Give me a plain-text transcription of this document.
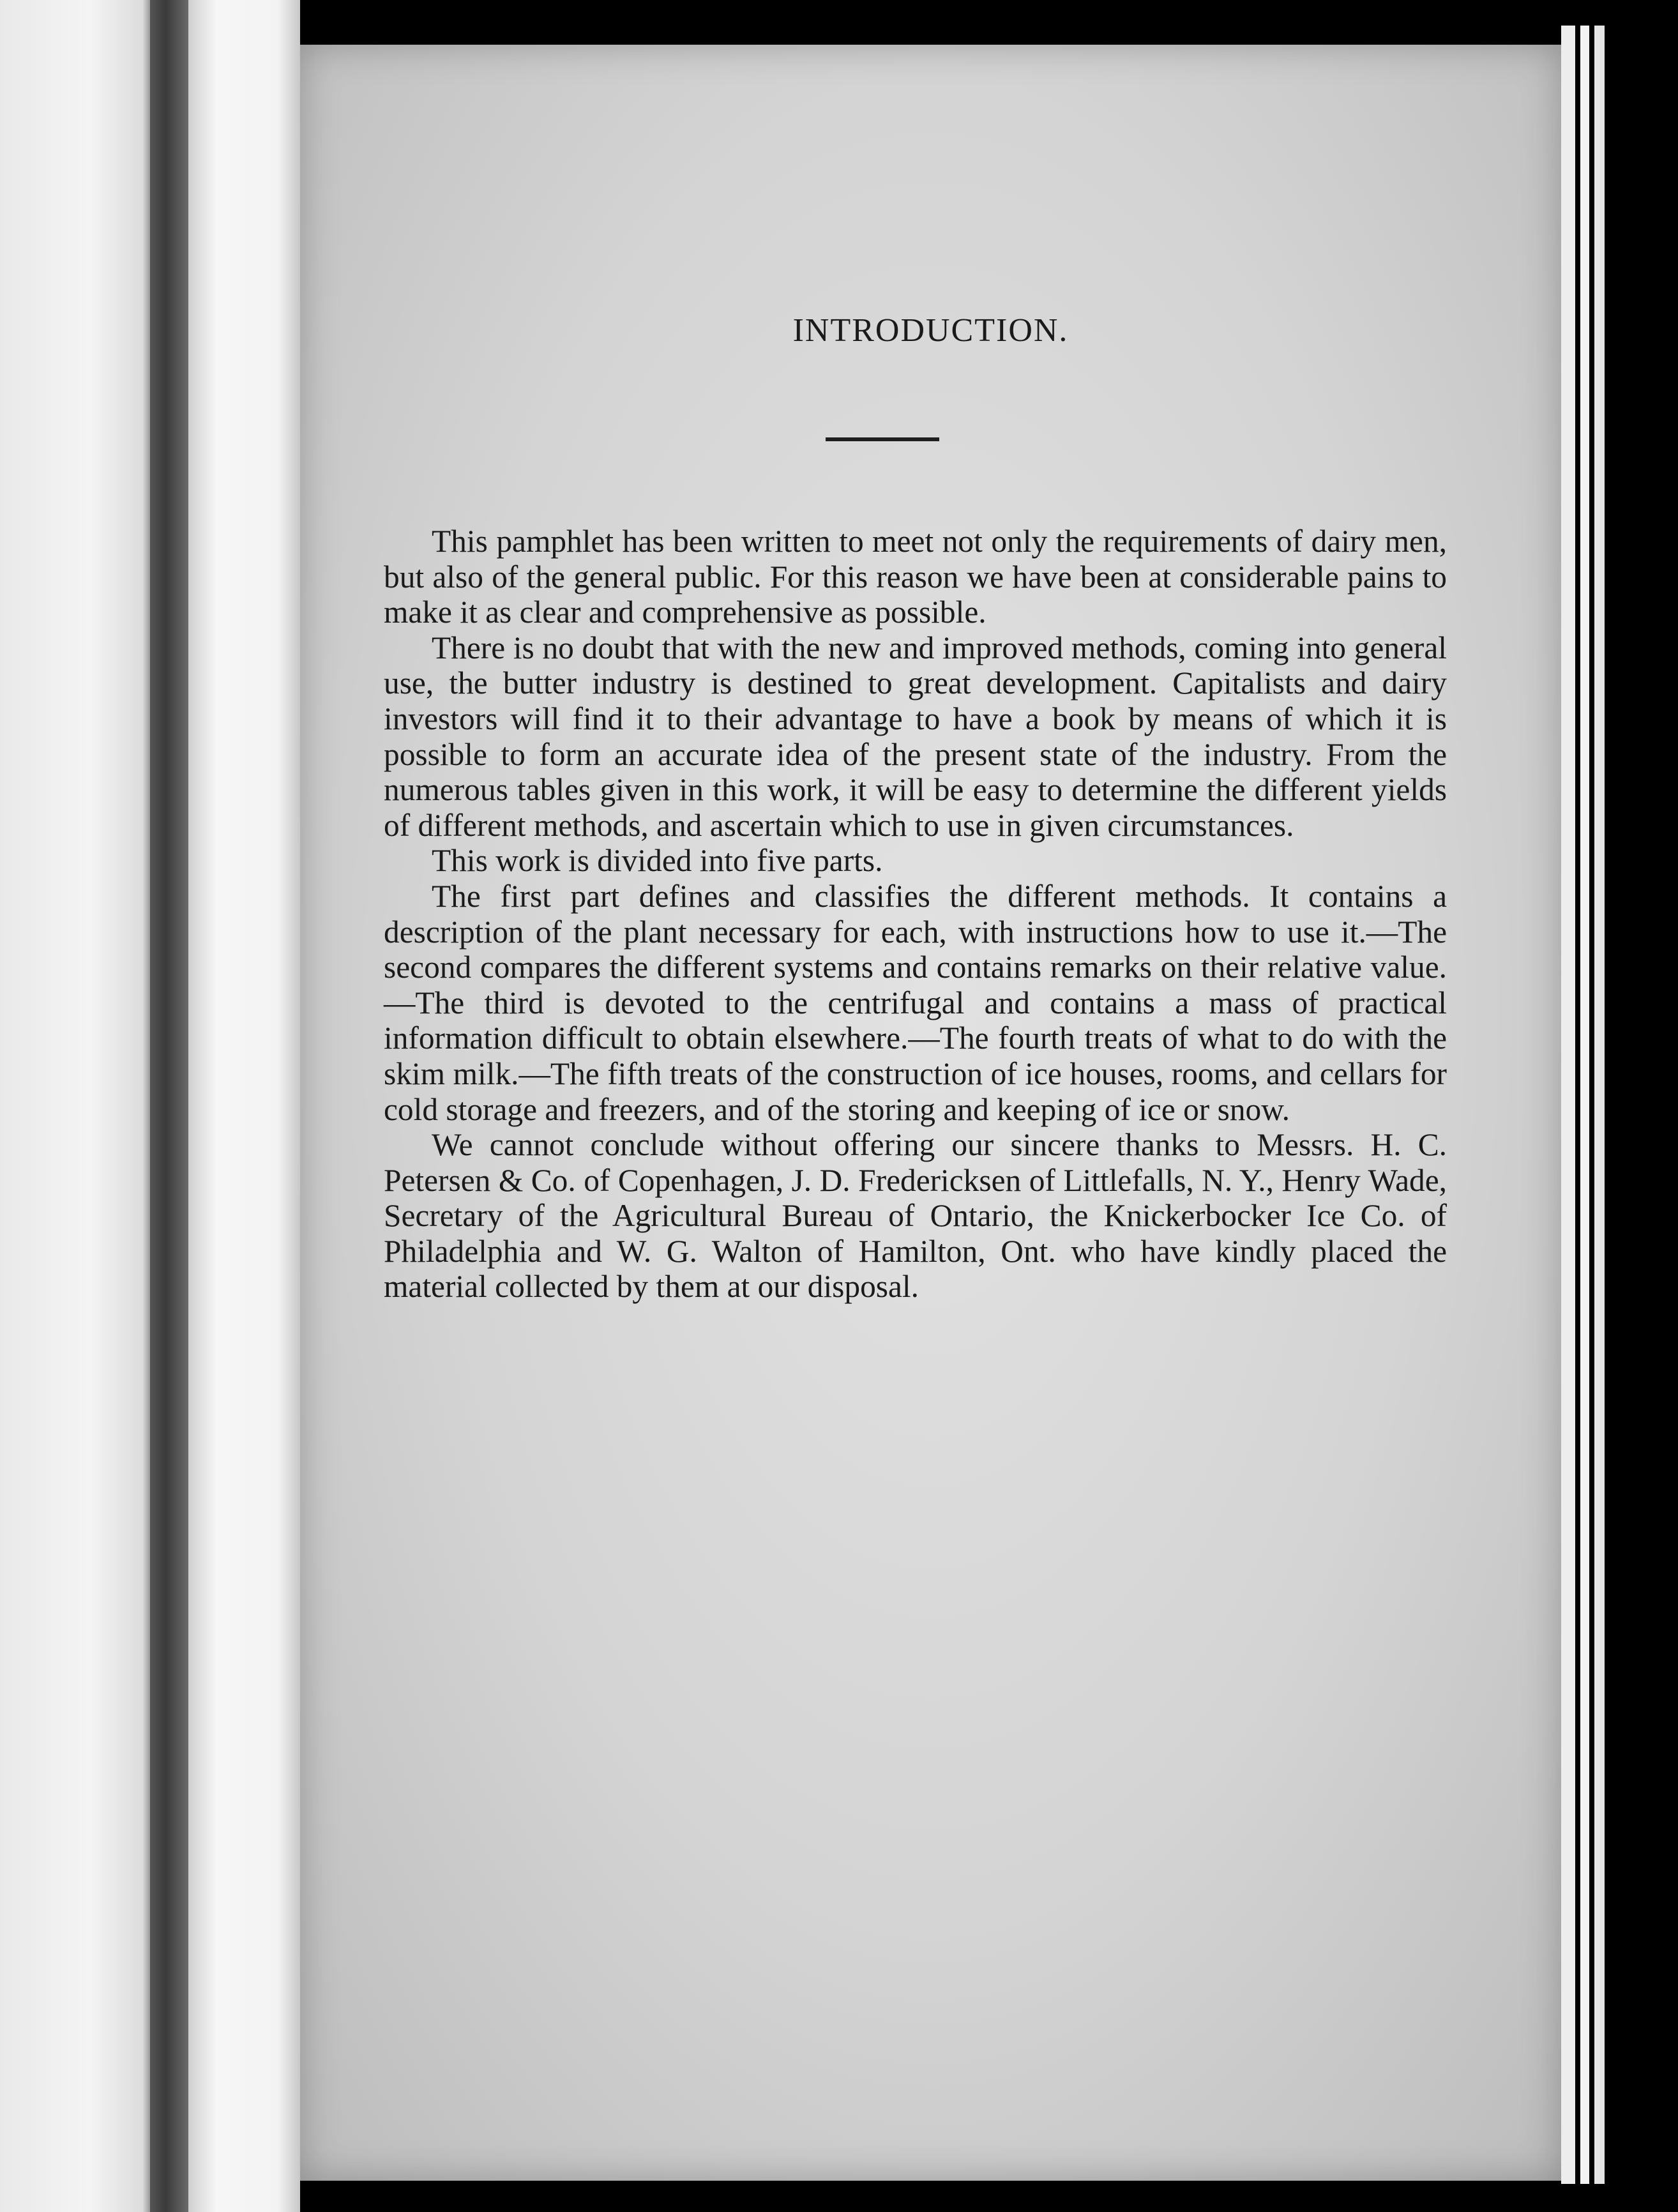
INTRODUCTION.

This pamphlet has been written to meet not only the requirements of dairy men, but also of the general public. For this reason we have been at considerable pains to make it as clear and comprehensive as possible.

There is no doubt that with the new and improved methods, coming into general use, the butter industry is destined to great development. Capitalists and dairy investors will find it to their advantage to have a book by means of which it is possible to form an accurate idea of the present state of the industry. From the numerous tables given in this work, it will be easy to determine the different yields of different methods, and ascertain which to use in given circumstances.

This work is divided into five parts.

The first part defines and classifies the different methods. It contains a description of the plant necessary for each, with instructions how to use it.—The second compares the different systems and contains remarks on their relative value.—The third is devoted to the centrifugal and contains a mass of practical information difficult to obtain elsewhere.—The fourth treats of what to do with the skim milk.—The fifth treats of the construction of ice houses, rooms, and cellars for cold storage and freezers, and of the storing and keeping of ice or snow.

We cannot conclude without offering our sincere thanks to Messrs. H. C. Petersen & Co. of Copenhagen, J. D. Fredericksen of Littlefalls, N. Y., Henry Wade, Secretary of the Agricultural Bureau of Ontario, the Knickerbocker Ice Co. of Philadelphia and W. G. Walton of Hamilton, Ont. who have kindly placed the material collected by them at our disposal.
